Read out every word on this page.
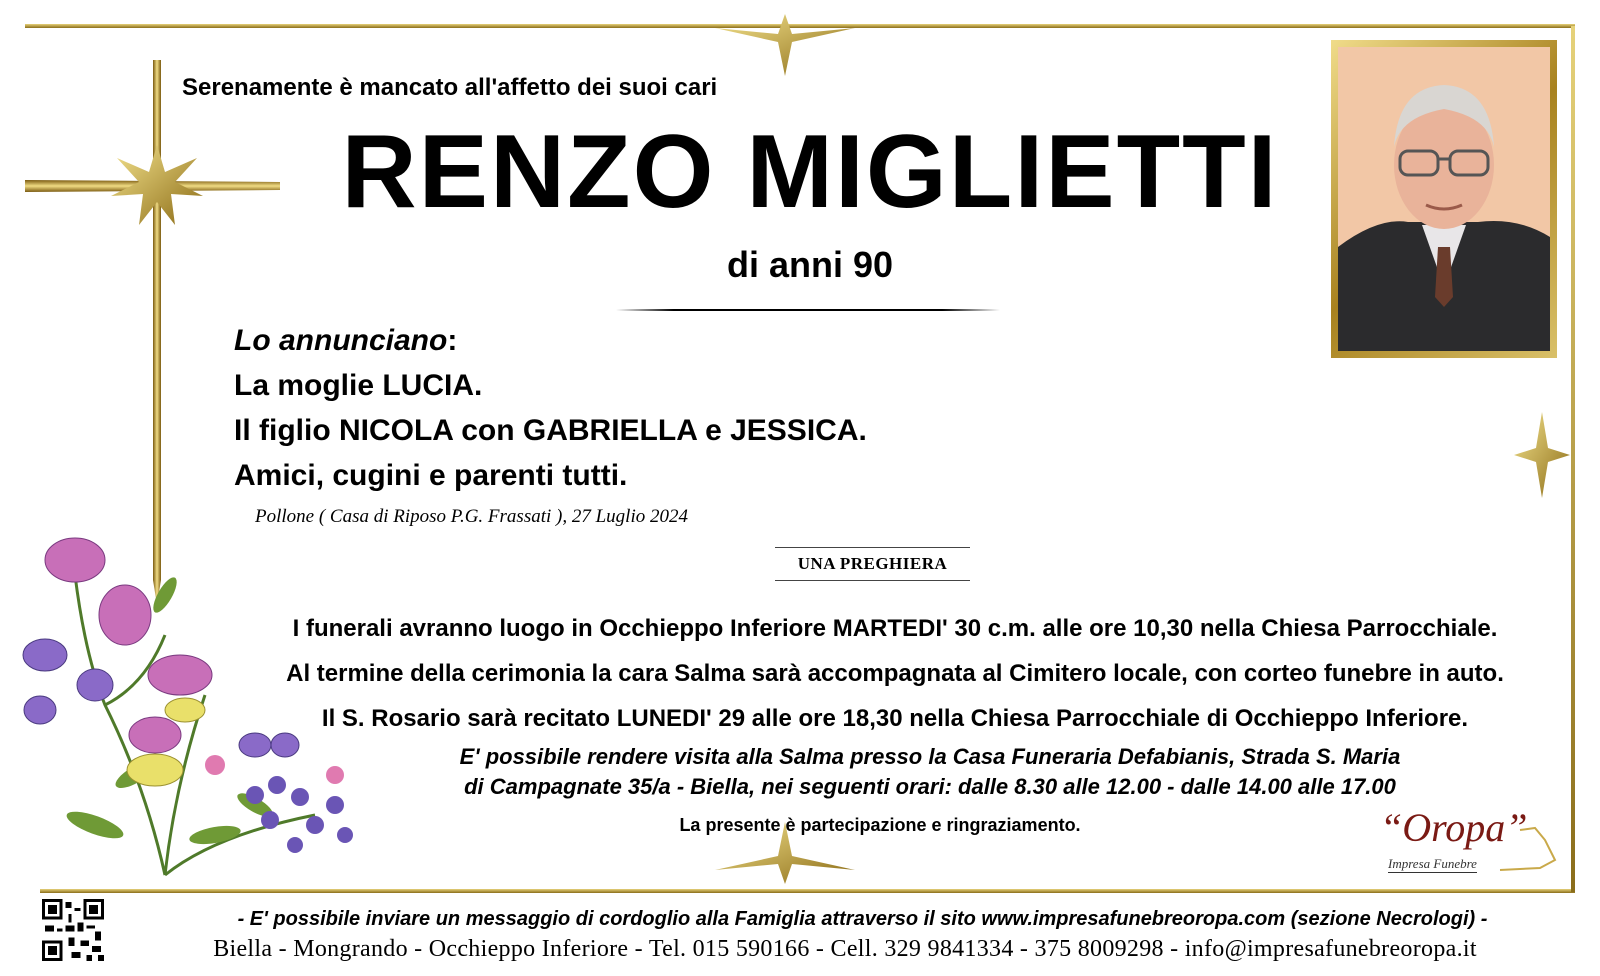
Serenamente è mancato all'affetto dei suoi cari
RENZO MIGLIETTI
di anni 90
Lo annunciano:
La moglie LUCIA.
Il figlio NICOLA con GABRIELLA e JESSICA.
Amici, cugini e parenti tutti.
Pollone ( Casa di Riposo P.G. Frassati ), 27 Luglio 2024
UNA PREGHIERA
I funerali avranno luogo in Occhieppo Inferiore MARTEDI' 30 c.m. alle ore 10,30 nella Chiesa Parrocchiale.
Al termine della cerimonia la cara Salma sarà accompagnata al Cimitero locale, con corteo funebre in auto.
Il S. Rosario sarà recitato LUNEDI' 29 alle ore 18,30 nella Chiesa Parrocchiale di Occhieppo Inferiore.
E' possibile rendere visita alla Salma presso la Casa Funeraria Defabianis, Strada S. Maria
di Campagnate 35/a - Biella, nei seguenti orari: dalle 8.30 alle 12.00 - dalle 14.00 alle 17.00
La presente è partecipazione e ringraziamento.	“Oropa”
Impresa Funebre
- E' possibile inviare un messaggio di cordoglio alla Famiglia attraverso il sito www.impresafunebreoropa.com (sezione Necrologi) -
Biella - Mongrando - Occhieppo Inferiore - Tel. 015 590166 - Cell. 329 9841334 - 375 8009298 - info@impresafunebreoropa.it
